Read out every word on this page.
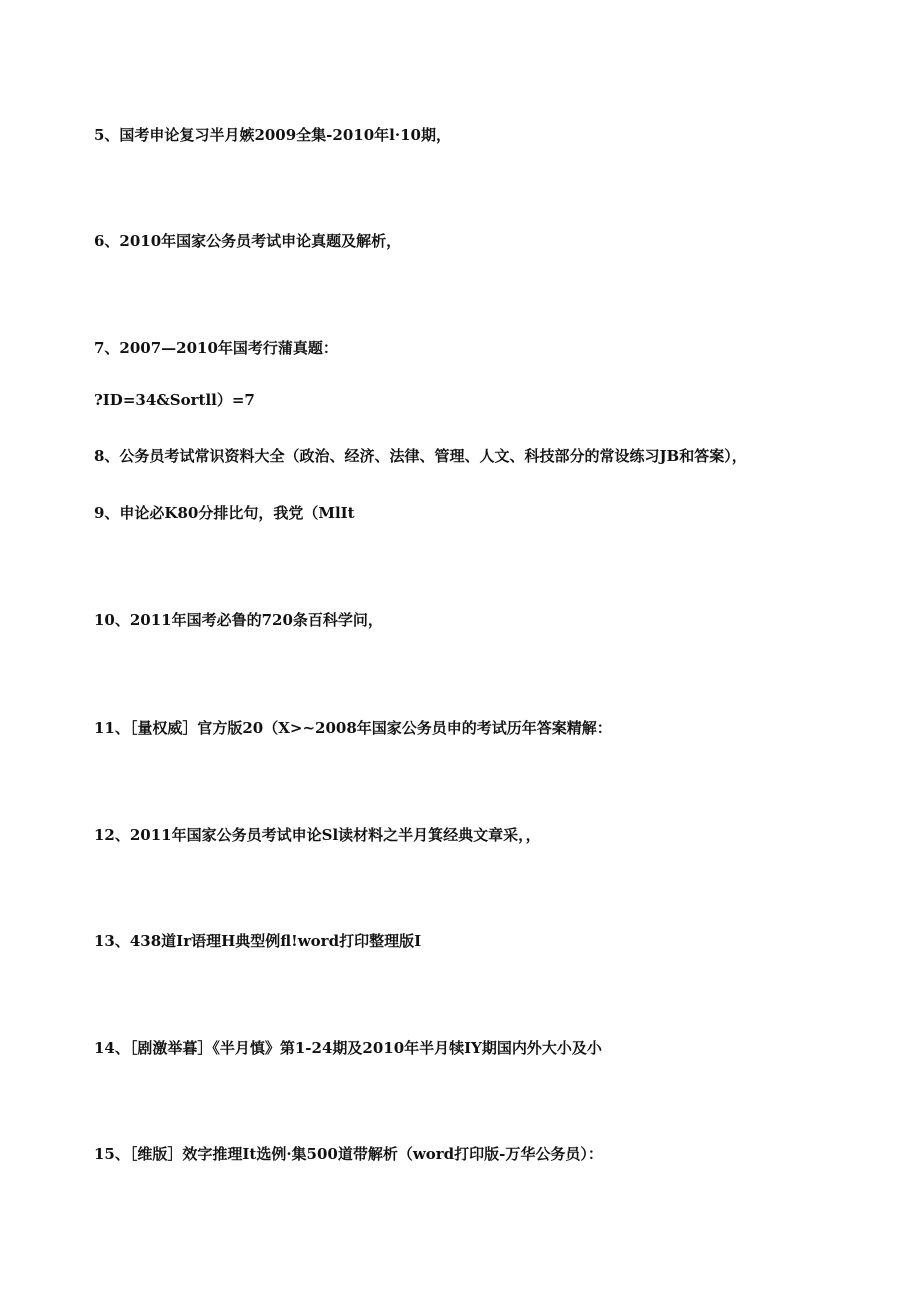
5、国考申论复习半月嫉2009全集-2010年l·10期，
6、2010年国家公务员考试申论真题及解析，
7、2007—2010年国考行蒲真题：
?ID=34&Sortll）=7
8、公务员考试常识资料大全（政治、经济、法律、管理、人文、科技部分的常设练习JB和答案），
9、申论必K80分排比句，我党（MlIt
10、2011年国考必鲁的720条百科学问，
11、［量权威］官方版20（X>~2008年国家公务员申的考试历年答案精解：
12、2011年国家公务员考试申论Sl读材料之半月箕经典文章采，，
13、438道Ir语理H典型例fl!word打印整理版I
14、［剧激举暮］《半月慎》第1-24期及2010年半月犊IY期国内外大小及小
15、［维版］效字推理It选例·集500道带解析（word打印版-万华公务员）：
